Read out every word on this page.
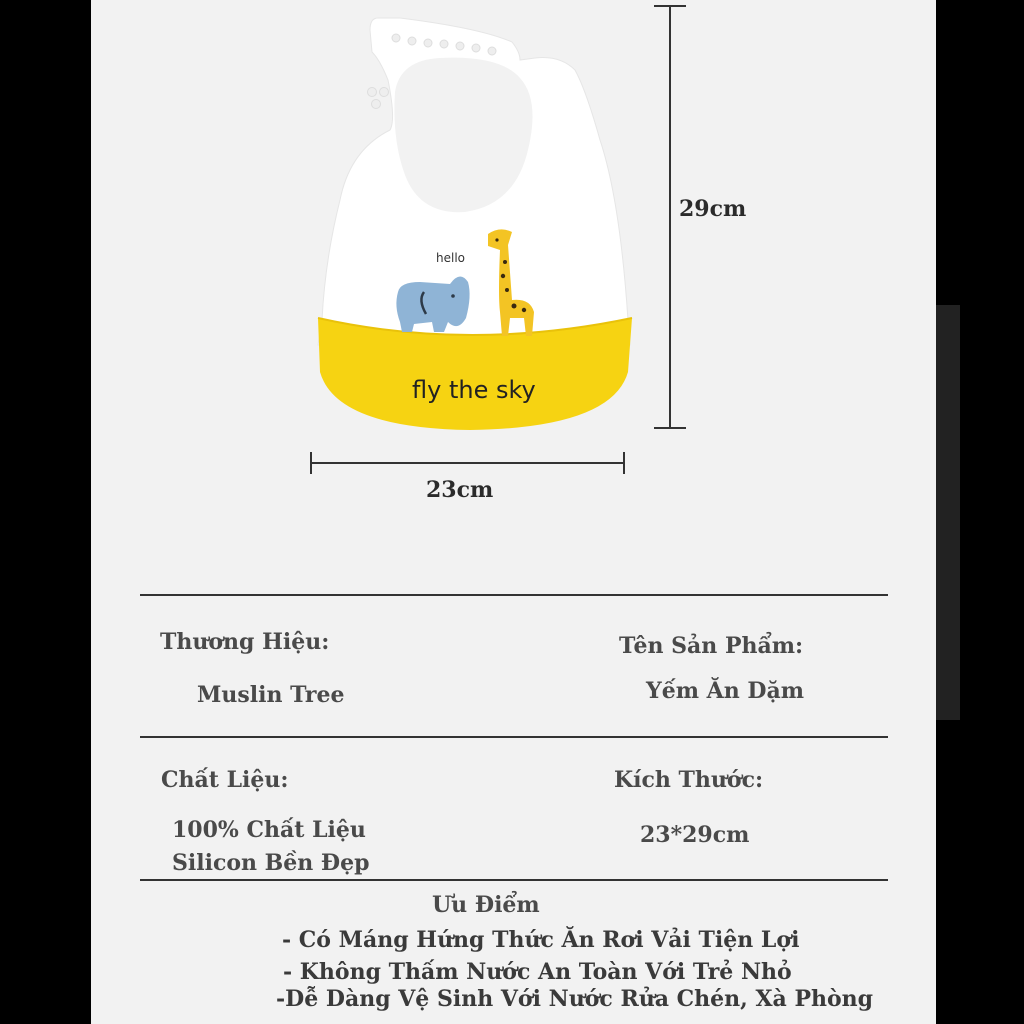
hello
fly the sky
29cm
23cm
Thương Hiệu:
Muslin Tree
Tên Sản Phẩm:
Yếm Ăn Dặm
Chất Liệu:
100% Chất Liệu
Silicon Bền Đẹp
Kích Thước:
23*29cm
Ưu Điểm
- Có Máng Hứng Thức Ăn Rơi Vải Tiện Lợi
- Không Thấm Nước An Toàn Với Trẻ Nhỏ
-Dễ Dàng Vệ Sinh Với Nước Rửa Chén, Xà Phòng
